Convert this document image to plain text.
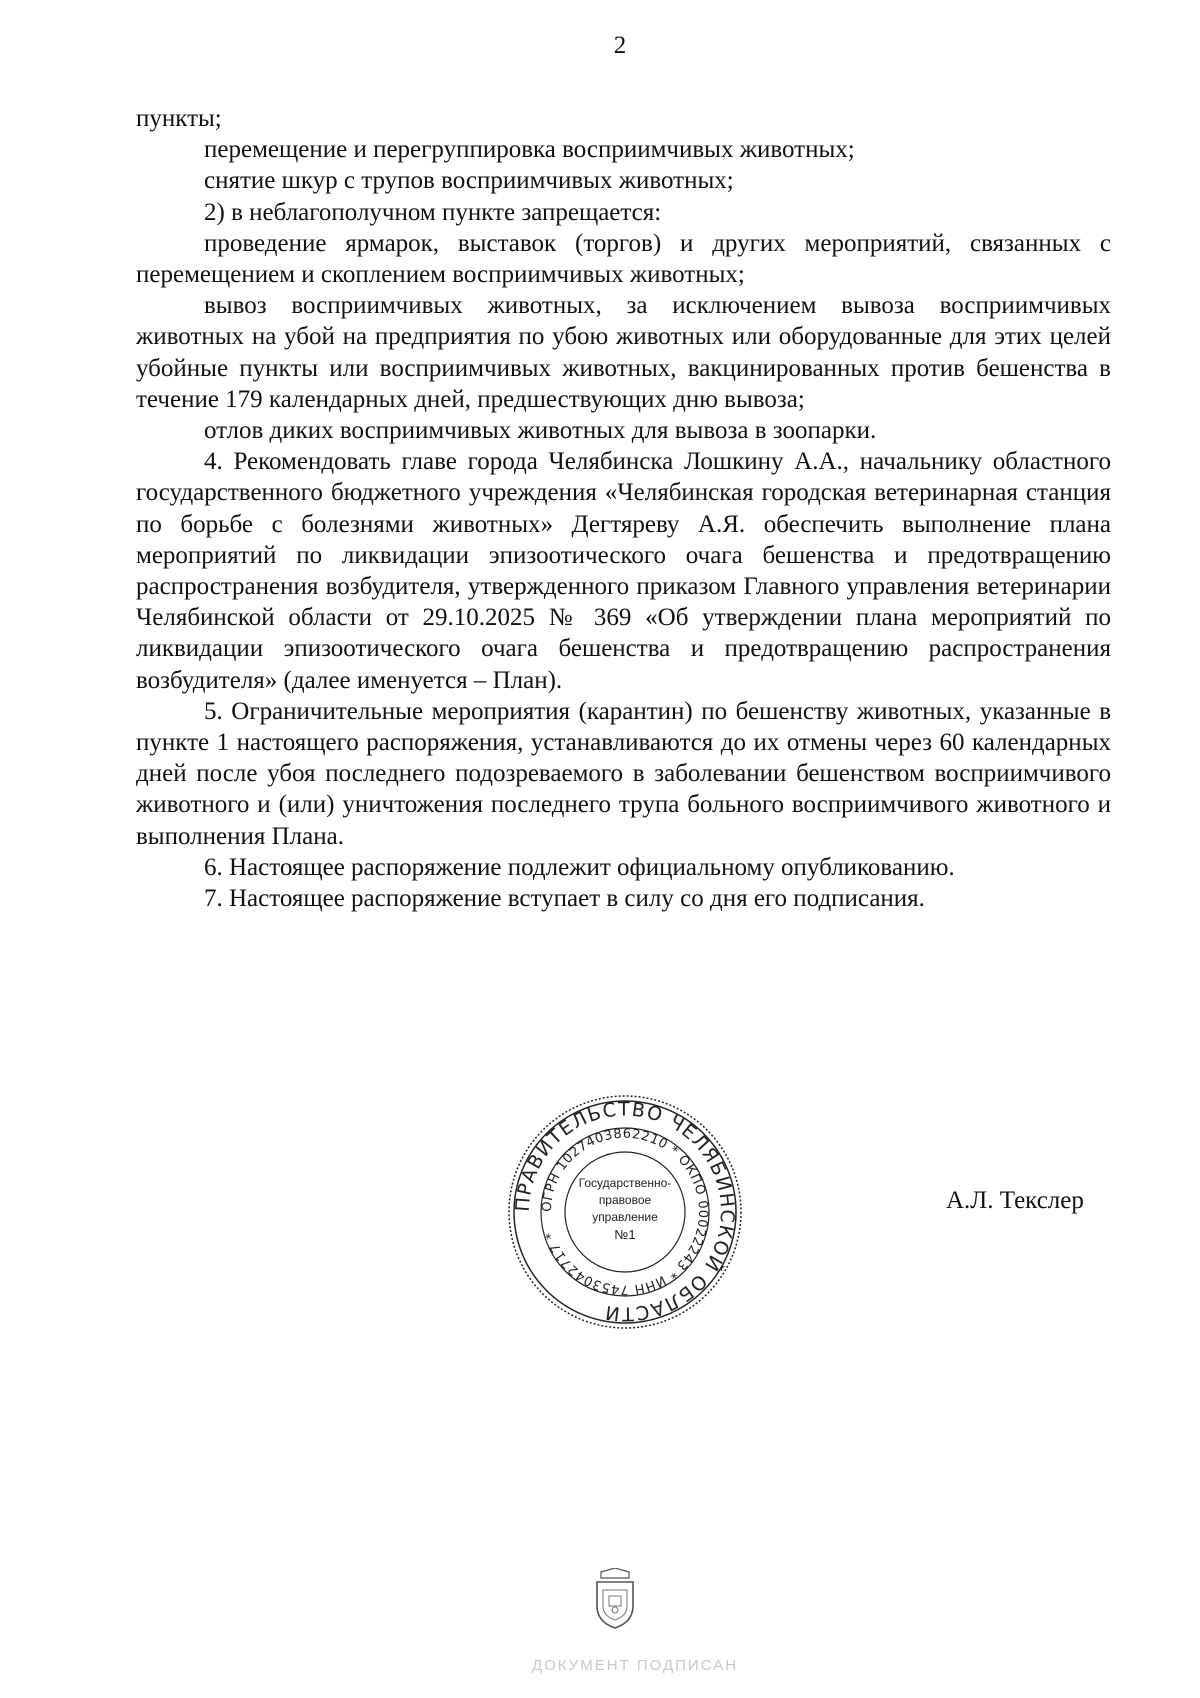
2

пункты;

перемещение и перегруппировка восприимчивых животных;

снятие шкур с трупов восприимчивых животных;

2) в неблагополучном пункте запрещается:

проведение ярмарок, выставок (торгов) и других мероприятий, связанных с перемещением и скоплением восприимчивых животных;

вывоз восприимчивых животных, за исключением вывоза восприимчивых животных на убой на предприятия по убою животных или оборудованные для этих целей убойные пункты или восприимчивых животных, вакцинированных против бешенства в течение 179 календарных дней, предшествующих дню вывоза;

отлов диких восприимчивых животных для вывоза в зоопарки.

4. Рекомендовать главе города Челябинска Лошкину А.А., начальнику областного государственного бюджетного учреждения «Челябинская городская ветеринарная станция по борьбе с болезнями животных» Дегтяреву А.Я. обеспечить выполнение плана мероприятий по ликвидации эпизоотического очага бешенства и предотвращению распространения возбудителя, утвержденного приказом Главного управления ветеринарии Челябинской области от 29.10.2025 № 369 «Об утверждении плана мероприятий по ликвидации эпизоотического очага бешенства и предотвращению распространения возбудителя» (далее именуется – План).

5. Ограничительные мероприятия (карантин) по бешенству животных, указанные в пункте 1 настоящего распоряжения, устанавливаются до их отмены через 60 календарных дней после убоя последнего подозреваемого в заболевании бешенством восприимчивого животного и (или) уничтожения последнего трупа больного восприимчивого животного и выполнения Плана.

6. Настоящее распоряжение подлежит официальному опубликованию.

7. Настоящее распоряжение вступает в силу со дня его подписания.

ПРАВИТЕЛЬСТВО ЧЕЛЯБИНСКОЙ ОБЛАСТИ
ОГРН 1027403862210 * ОКПО 00022243 * ИНН 7453042717 *
Государственно-
правовое
управление
№1
А.Л. Текслер
ДОКУМЕНТ ПОДПИСАН
